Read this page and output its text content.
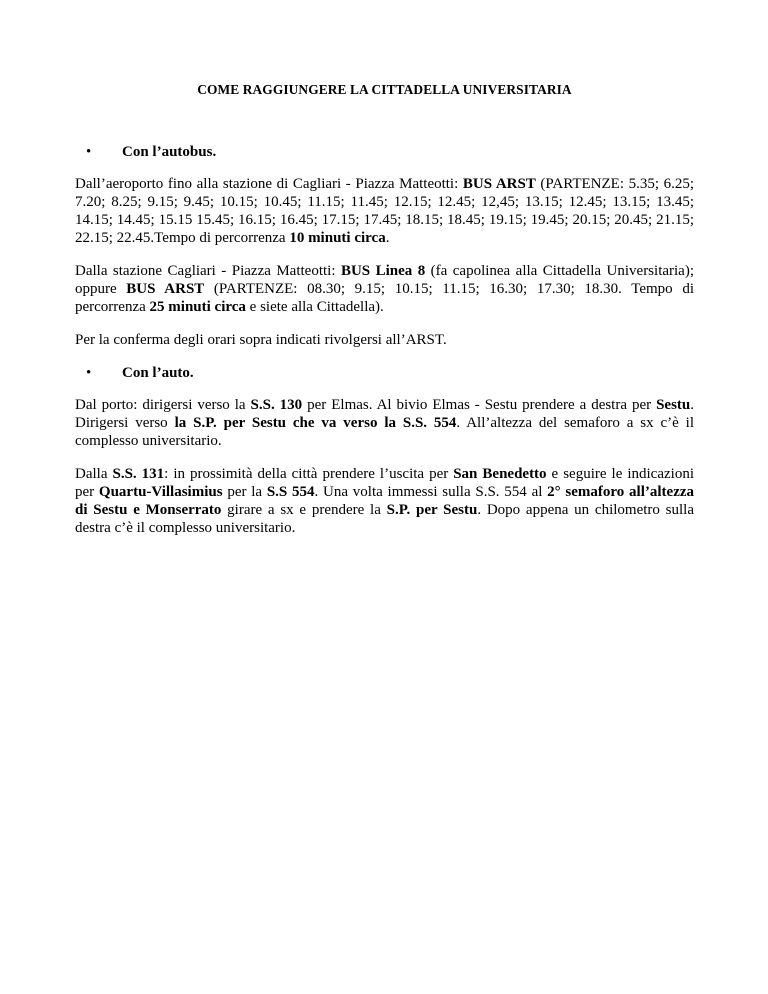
COME RAGGIUNGERE LA CITTADELLA UNIVERSITARIA
• Con l’autobus.

Dall’aeroporto fino alla stazione di Cagliari - Piazza Matteotti: BUS ARST (PARTENZE: 5.35; 6.25; 7.20; 8.25; 9.15; 9.45; 10.15; 10.45; 11.15; 11.45; 12.15; 12.45; 12,45; 13.15; 12.45; 13.15; 13.45; 14.15; 14.45; 15.15 15.45; 16.15; 16.45; 17.15; 17.45; 18.15; 18.45; 19.15; 19.45; 20.15; 20.45; 21.15; 22.15; 22.45.Tempo di percorrenza 10 minuti circa.

Dalla stazione Cagliari - Piazza Matteotti: BUS Linea 8 (fa capolinea alla Cittadella Universitaria); oppure BUS ARST (PARTENZE: 08.30; 9.15; 10.15; 11.15; 16.30; 17.30; 18.30. Tempo di percorrenza 25 minuti circa e siete alla Cittadella).

Per la conferma degli orari sopra indicati rivolgersi all’ARST.

• Con l’auto.

Dal porto: dirigersi verso la S.S. 130 per Elmas. Al bivio Elmas - Sestu prendere a destra per Sestu. Dirigersi verso la S.P. per Sestu che va verso la S.S. 554. All’altezza del semaforo a sx c’è il complesso universitario.

Dalla S.S. 131: in prossimità della città prendere l’uscita per San Benedetto e seguire le indicazioni per Quartu-Villasimius per la S.S 554. Una volta immessi sulla S.S. 554 al 2° semaforo all’altezza di Sestu e Monserrato girare a sx e prendere la S.P. per Sestu. Dopo appena un chilometro sulla destra c’è il complesso universitario.
